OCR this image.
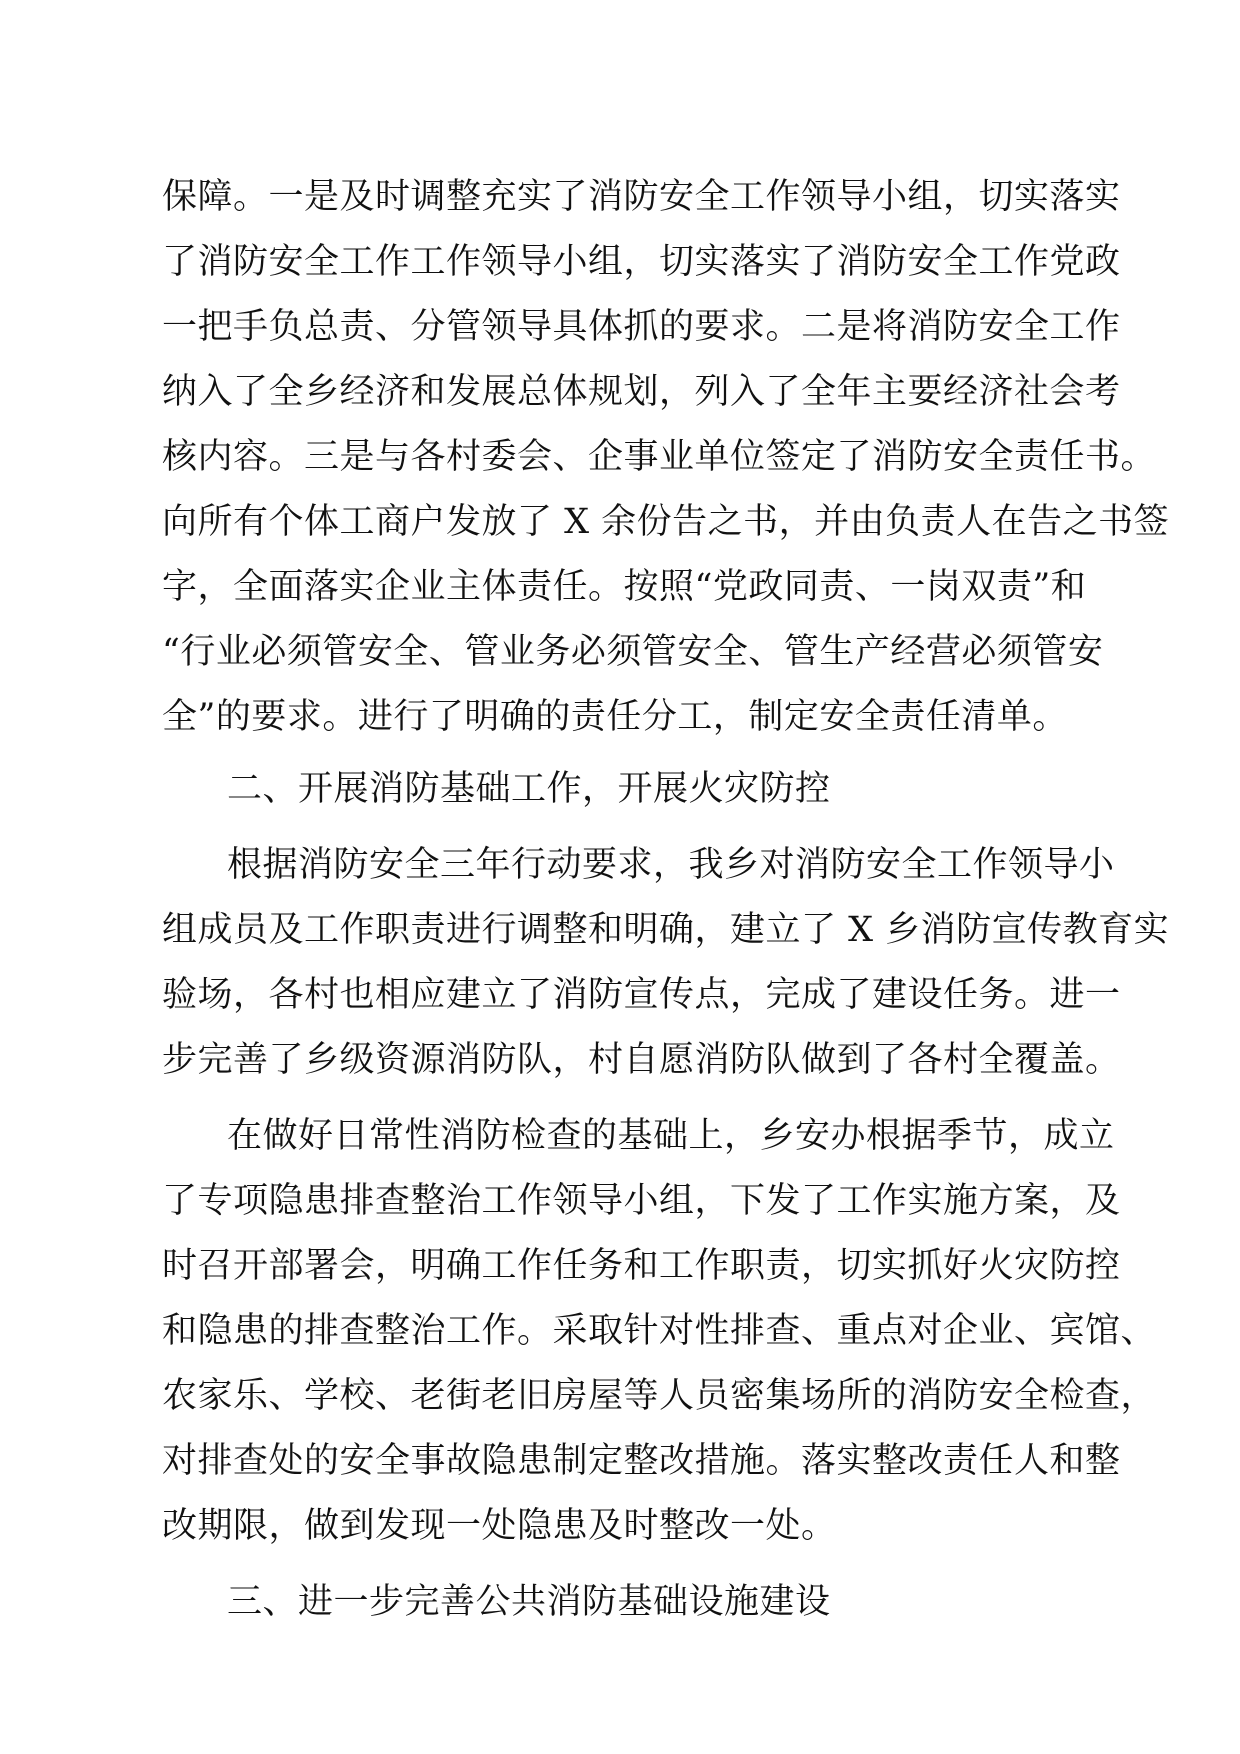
保障。一是及时调整充实了消防安全工作领导小组，切实落实
了消防安全工作工作领导小组，切实落实了消防安全工作党政
一把手负总责、分管领导具体抓的要求。二是将消防安全工作
纳入了全乡经济和发展总体规划，列入了全年主要经济社会考
核内容。三是与各村委会、企事业单位签定了消防安全责任书。
向所有个体工商户发放了 X 余份告之书，并由负责人在告之书签
字，全面落实企业主体责任。按照“党政同责、一岗双责”和
“行业必须管安全、管业务必须管安全、管生产经营必须管安
全”的要求。进行了明确的责任分工，制定安全责任清单。
二、开展消防基础工作，开展火灾防控
根据消防安全三年行动要求，我乡对消防安全工作领导小
组成员及工作职责进行调整和明确，建立了 X 乡消防宣传教育实
验场，各村也相应建立了消防宣传点，完成了建设任务。进一
步完善了乡级资源消防队，村自愿消防队做到了各村全覆盖。
在做好日常性消防检查的基础上，乡安办根据季节，成立
了专项隐患排查整治工作领导小组，下发了工作实施方案，及
时召开部署会，明确工作任务和工作职责，切实抓好火灾防控
和隐患的排查整治工作。采取针对性排查、重点对企业、宾馆、
农家乐、学校、老街老旧房屋等人员密集场所的消防安全检查，
对排查处的安全事故隐患制定整改措施。落实整改责任人和整
改期限，做到发现一处隐患及时整改一处。
三、进一步完善公共消防基础设施建设
